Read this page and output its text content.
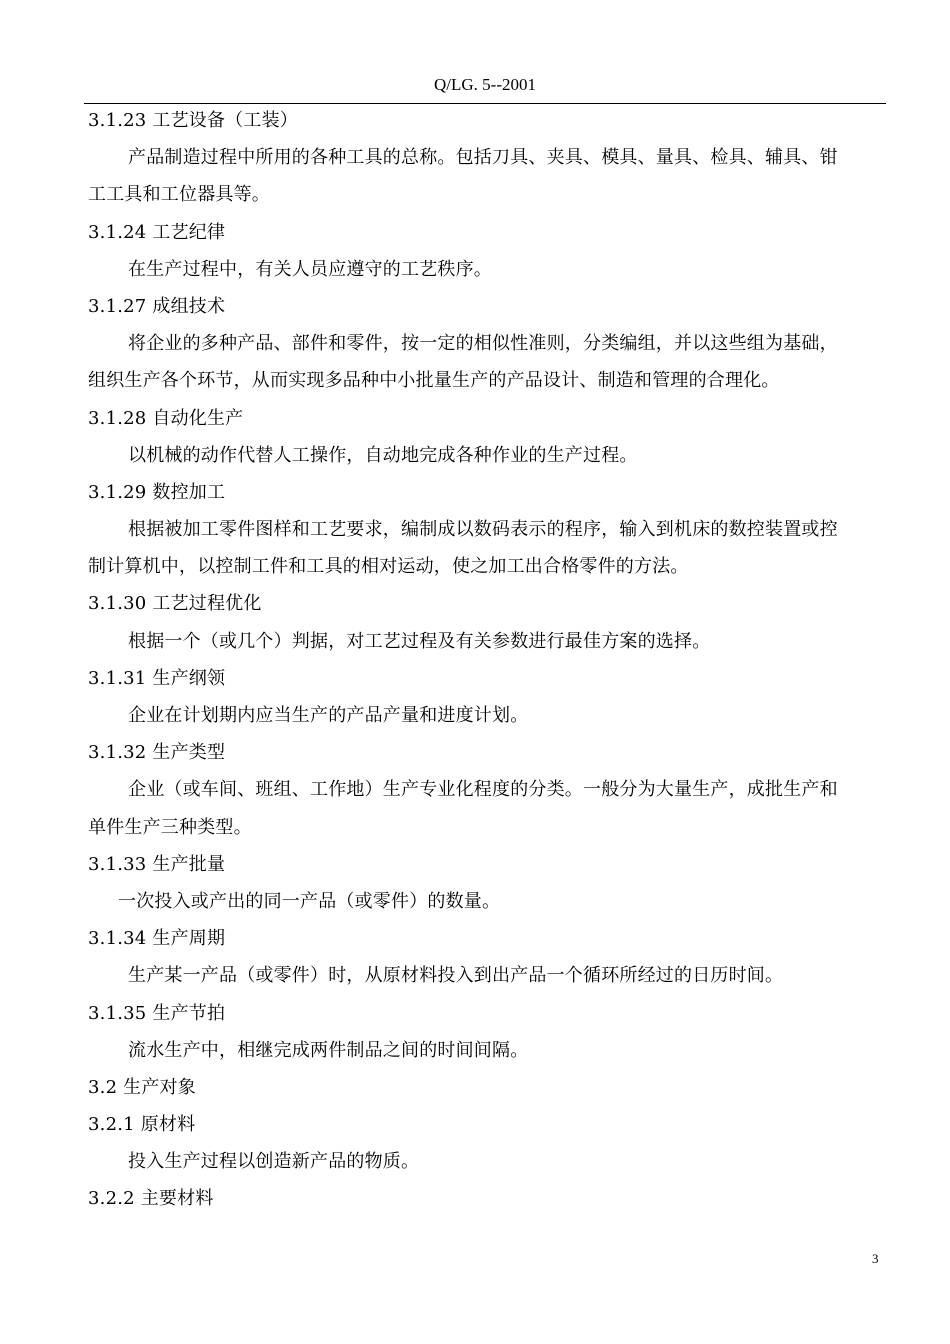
Q/LG. 5--2001
3.1.23 工艺设备（工装）
产品制造过程中所用的各种工具的总称。包括刀具、夹具、模具、量具、检具、辅具、钳
工工具和工位器具等。
3.1.24 工艺纪律
在生产过程中，有关人员应遵守的工艺秩序。
3.1.27 成组技术
将企业的多种产品、部件和零件，按一定的相似性准则，分类编组，并以这些组为基础，
组织生产各个环节，从而实现多品种中小批量生产的产品设计、制造和管理的合理化。
3.1.28 自动化生产
以机械的动作代替人工操作，自动地完成各种作业的生产过程。
3.1.29 数控加工
根据被加工零件图样和工艺要求，编制成以数码表示的程序，输入到机床的数控装置或控
制计算机中，以控制工件和工具的相对运动，使之加工出合格零件的方法。
3.1.30 工艺过程优化
根据一个（或几个）判据，对工艺过程及有关参数进行最佳方案的选择。
3.1.31 生产纲领
企业在计划期内应当生产的产品产量和进度计划。
3.1.32 生产类型
企业（或车间、班组、工作地）生产专业化程度的分类。一般分为大量生产，成批生产和
单件生产三种类型。
3.1.33 生产批量
一次投入或产出的同一产品（或零件）的数量。
3.1.34 生产周期
生产某一产品（或零件）时，从原材料投入到出产品一个循环所经过的日历时间。
3.1.35 生产节拍
流水生产中，相继完成两件制品之间的时间间隔。
3.2 生产对象
3.2.1 原材料
投入生产过程以创造新产品的物质。
3.2.2 主要材料
3
